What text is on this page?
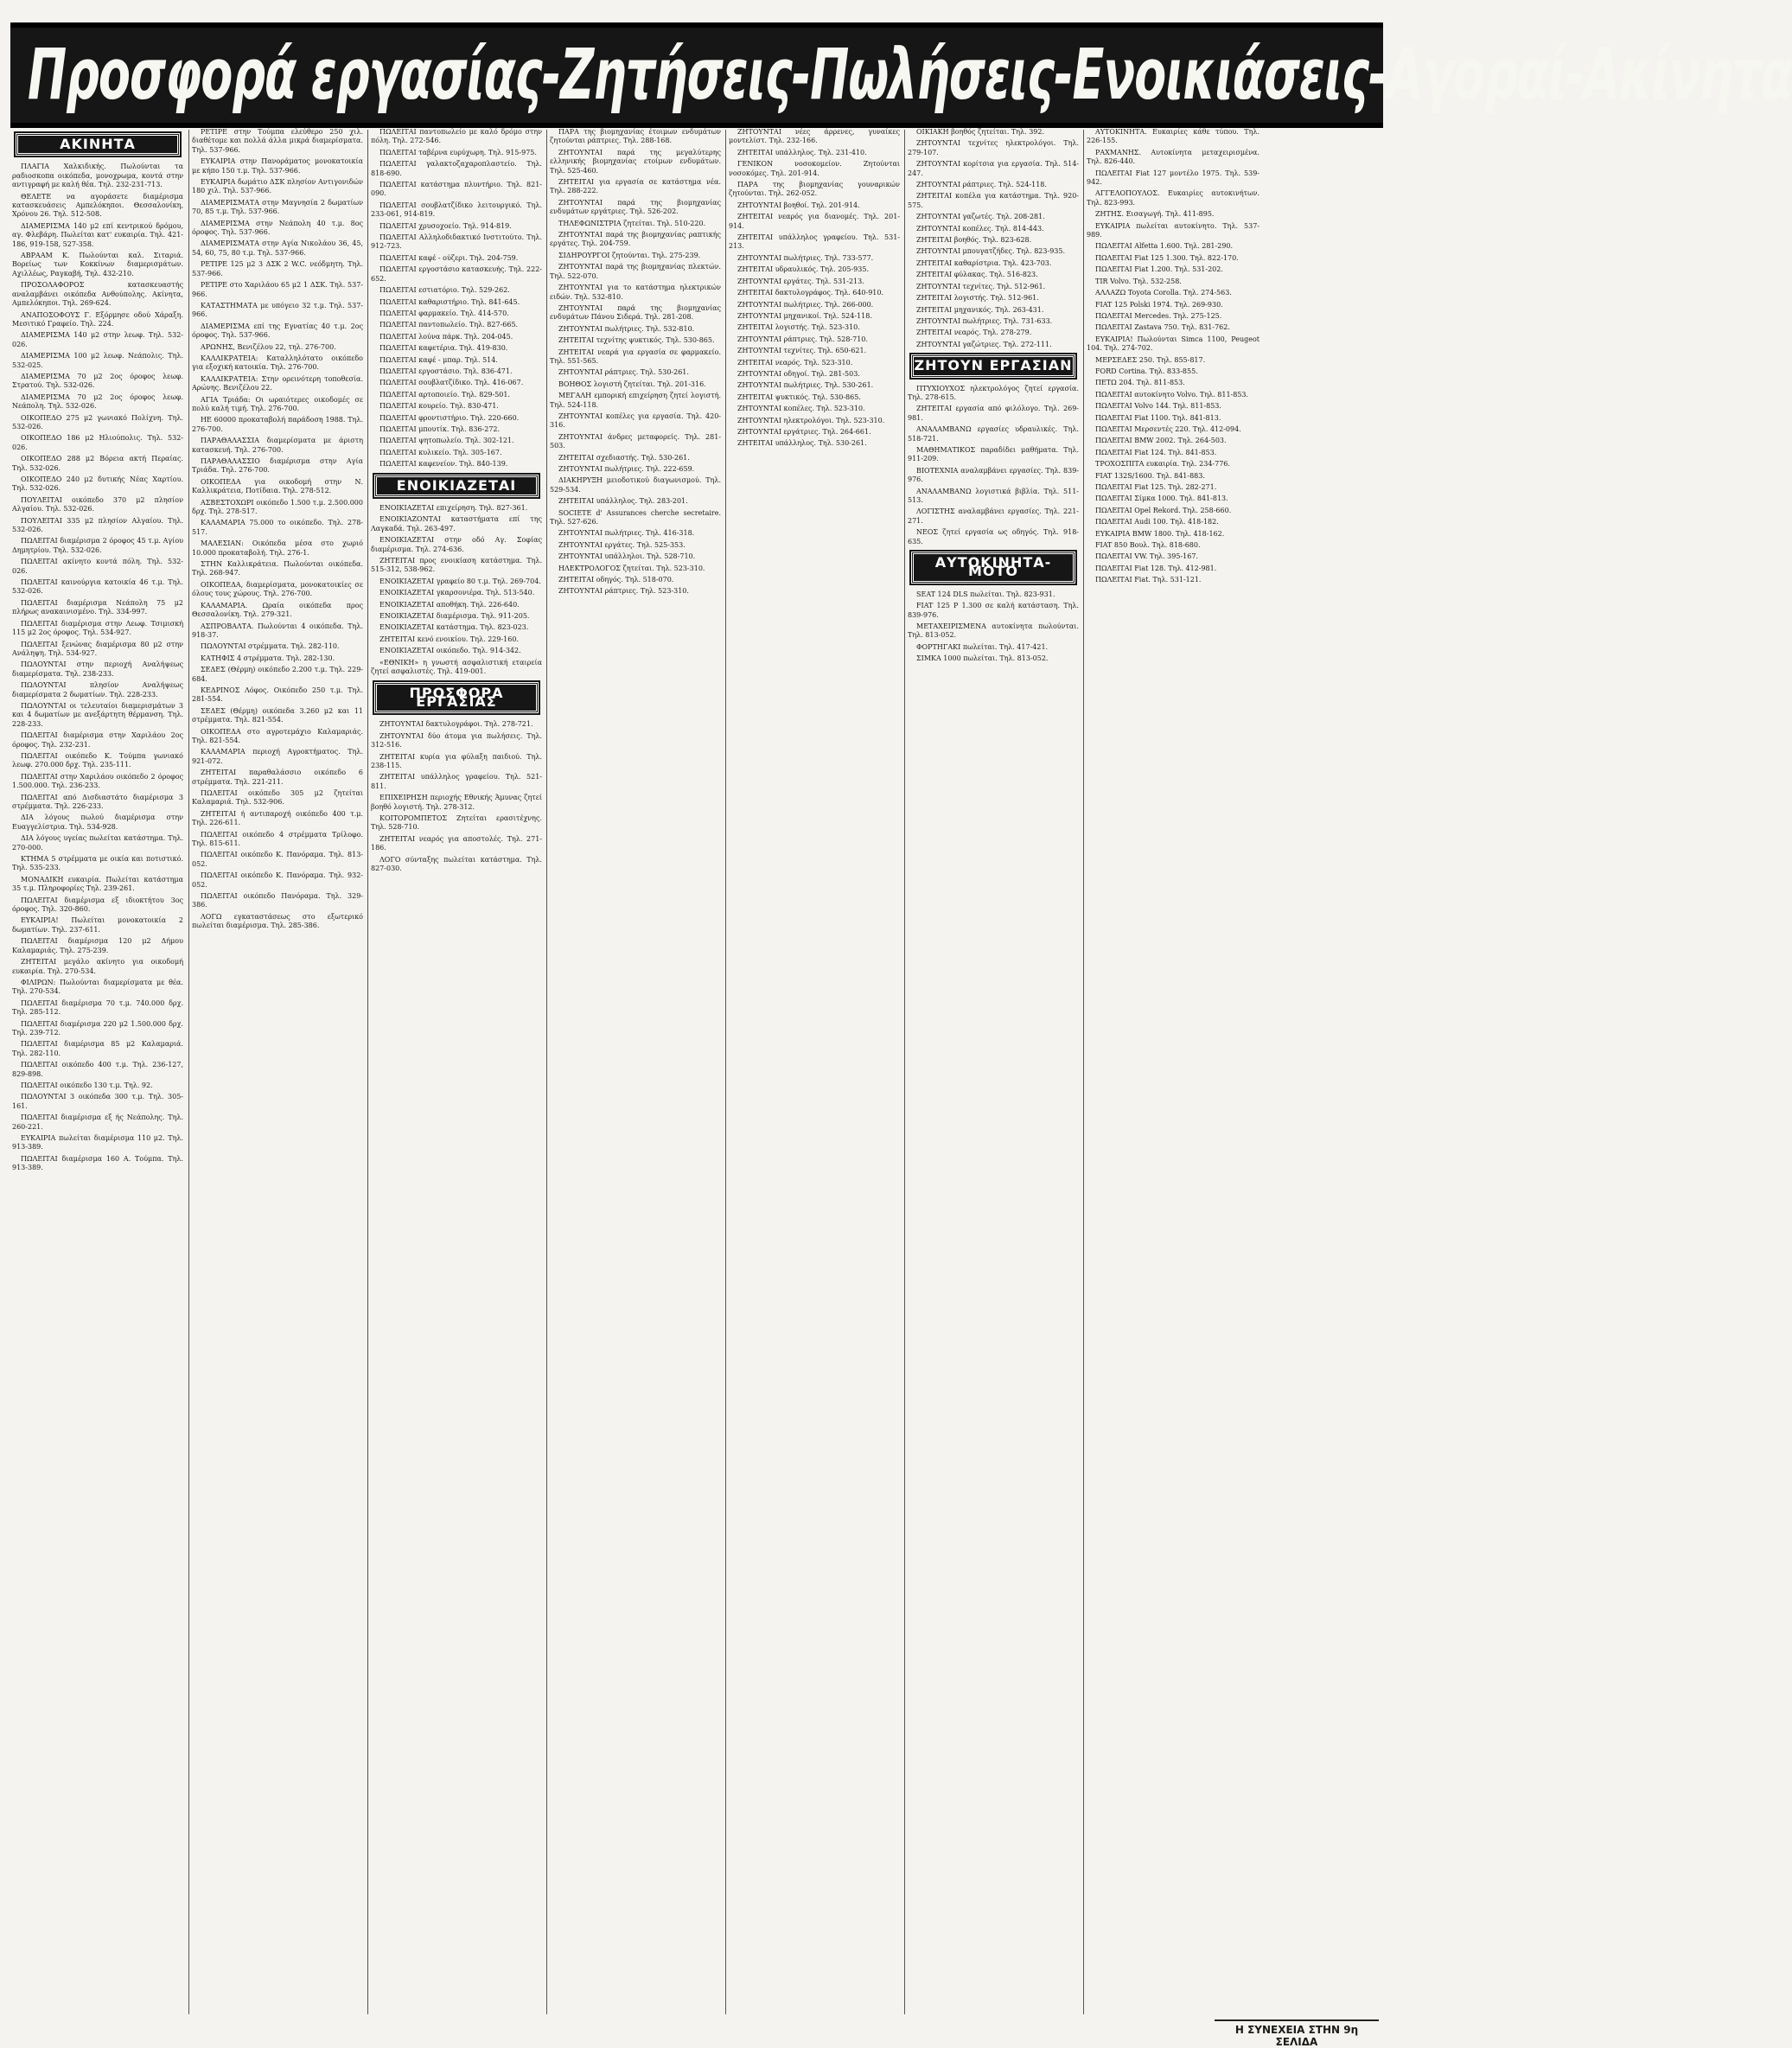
Προσφορά εργασίας-Ζητήσεις-Πωλήσεις-Ενοικιάσεις-Αγοραί-Ακίνητα
ΑΚΙΝΗΤΑ

ΠΛΑΓΙΑ Χαλκιδικής. Πωλούνται τα ραδιοσκοπα οικόπεδα, μονοχρωμα, κοντά στην αντιγραφή με καλή θέα. Τηλ. 232-231-713.

ΘΕΛΕΤΕ να αγοράσετε διαμέρισμα κατασκευάσεις Αμπελόκηποι. Θεσσαλονίκη, Χρόνου 26. Τηλ. 512-508.

ΔΙΑΜΕΡΙΣΜΑ 140 μ2 επί κεντρικού δρόμου, αγ. Φλεβάρη. Πωλείται κατ' ευκαιρία. Τηλ. 421-186, 919-158, 527-358.

ΑΒΡΑΑΜ Κ. Πωλούνται καλ. Σιταριά. Βορείως των Κοκκίνων διαμερισμάτων. Αχιλλέως, Ραγκαβή, Τηλ. 432-210.

ΠΡΟΣΟΛΑΦΟΡΟΣ κατασκευαστής αναλαμβάνει οικόπεδα Ανθούπολης. Ακίνητα, Αμπελόκηποι. Τηλ. 269-624.

ΑΝΑΠΟΣΟΦΟΥΣ Γ. Εξόρμησε οδού Χάραξη. Μεσιτικό Γραφείο. Τηλ. 224.

ΔΙΑΜΕΡΙΣΜΑ 140 μ2 στην λεωφ. Τηλ. 532-026.

ΔΙΑΜΕΡΙΣΜΑ 100 μ2 λεωφ. Νεάπολις. Τηλ. 532-025.

ΔΙΑΜΕΡΙΣΜΑ 70 μ2 2ος όροφος λεωφ. Στρατού. Τηλ. 532-026.

ΔΙΑΜΕΡΙΣΜΑ 70 μ2 2ος όροφος λεωφ. Νεάπολη. Τηλ. 532-026.

ΟΙΚΟΠΕΔΟ 275 μ2 γωνιακό Πολίχνη. Τηλ. 532-026.

ΟΙΚΟΠΕΔΟ 186 μ2 Ηλιούπολις. Τηλ. 532-026.

ΟΙΚΟΠΕΔΟ 288 μ2 Βόρεια ακτή Περαίας. Τηλ. 532-026.

ΟΙΚΟΠΕΔΟ 240 μ2 δυτικής Νέας Χαρτίου. Τηλ. 532-026.

ΠΟΥΛΕΙΤΑΙ οικόπεδο 370 μ2 πλησίον Αλγαίου. Τηλ. 532-026.

ΠΟΥΛΕΙΤΑΙ 335 μ2 πλησίον Αλγαίου. Τηλ. 532-026.

ΠΩΛΕΙΤΑΙ διαμέρισμα 2 όροφος 45 τ.μ. Αγίου Δημητρίου. Τηλ. 532-026.

ΠΩΛΕΙΤΑΙ ακίνητο κοντά πόλη. Τηλ. 532-026.

ΠΩΛΕΙΤΑΙ καινούργια κατοικία 46 τ.μ. Τηλ. 532-026.

ΠΩΛΕΙΤΑΙ διαμέρισμα Νεάπολη 75 μ2 πλήρως ανακαινισμένο. Τηλ. 334-997.

ΠΩΛΕΙΤΑΙ διαμέρισμα στην Λεωφ. Τσιμισκή 115 μ2 2ος όροφος. Τηλ. 534-927.

ΠΩΛΕΙΤΑΙ ξενώνας διαμέρισμα 80 μ2 στην Ανάληψη. Τηλ. 534-927.

ΠΩΛΟΥΝΤΑΙ στην περιοχή Αναλήψεως διαμερίσματα. Τηλ. 238-233.

ΠΩΛΟΥΝΤΑΙ πλησίον Αναλήψεως διαμερίσματα 2 δωματίων. Τηλ. 228-233.

ΠΩΛΟΥΝΤΑΙ οι τελευταίοι διαμερισμάτων 3 και 4 δωματίων με ανεξάρτητη θέρμανση. Τηλ. 228-233.

ΠΩΛΕΙΤΑΙ διαμέρισμα στην Χαριλάου 2ος όροφος. Τηλ. 232-231.

ΠΩΛΕΙΤΑΙ οικόπεδο Κ. Τούμπα γωνιακό λεωφ. 270.000 δρχ. Τηλ. 235-111.

ΠΩΛΕΙΤΑΙ στην Χαριλάου οικόπεδο 2 όροφος 1.500.000. Τηλ. 236-233.

ΠΩΛΕΙΤΑΙ από Δισδιαστάτο διαμέρισμα 3 στρέμματα. Τηλ. 226-233.

ΔΙΑ λόγους πωλού διαμέρισμα στην Ευαγγελίστρια. Τηλ. 534-928.

ΔΙΑ λόγους υγείας πωλείται κατάστημα. Τηλ. 270-000.

ΚΤΗΜΑ 5 στρέμματα με οικία και ποτιστικό. Τηλ. 535-233.

ΜΟΝΑΔΙΚΗ ευκαιρία. Πωλείται κατάστημα 35 τ.μ. Πληροφορίες Τηλ. 239-261.

ΠΩΛΕΙΤΑΙ διαμέρισμα εξ ιδιοκτήτου 3ος όροφος. Τηλ. 320-860.

ΕΥΚΑΙΡΙΑ! Πωλείται μονοκατοικία 2 δωματίων. Τηλ. 237-611.

ΠΩΛΕΙΤΑΙ διαμέρισμα 120 μ2 Δήμου Καλαμαριάς. Τηλ. 275-239.

ΖΗΤΕΙΤΑΙ μεγάλο ακίνητο για οικοδομή ευκαιρία. Τηλ. 270-534.

ΦΙΛΙΡΩΝ: Πωλούνται διαμερίσματα με θέα. Τηλ. 270-534.

ΠΩΛΕΙΤΑΙ διαμέρισμα 70 τ.μ. 740.000 δρχ. Τηλ. 285-112.

ΠΩΛΕΙΤΑΙ διαμέρισμα 220 μ2 1.500.000 δρχ. Τηλ. 239-712.

ΠΩΛΕΙΤΑΙ διαμέρισμα 85 μ2 Καλαμαριά. Τηλ. 282-110.

ΠΩΛΕΙΤΑΙ οικόπεδο 400 τ.μ. Τηλ. 236-127, 829-898.

ΠΩΛΕΙΤΑΙ οικόπεδο 130 τ.μ. Τηλ. 92.

ΠΩΛΟΥΝΤΑΙ 3 οικόπεδα 300 τ.μ. Τηλ. 305-161.

ΠΩΛΕΙΤΑΙ διαμέρισμα εξ ής Νεάπολης. Τηλ. 260-221.

ΕΥΚΑΙΡΙΑ πωλείται διαμέρισμα 110 μ2. Τηλ. 913-389.

ΠΩΛΕΙΤΑΙ διαμέρισμα 160 Α. Τούμπα. Τηλ. 913-389.

ΡΕΤΙΡΕ στην Τούμπα ελεύθερο 250 χιλ. διαθέτομε και πολλά άλλα μικρά διαμερίσματα. Τηλ. 537-966.

ΕΥΚΑΙΡΙΑ στην Πανοράματος μονοκατοικία με κήπο 150 τ.μ. Τηλ. 537-966.

ΕΥΚΑΙΡΙΑ δωμάτιο ΔΣΚ πλησίον Αντιγονιδών 180 χιλ. Τηλ. 537-966.

ΔΙΑΜΕΡΙΣΜΑΤΑ στην Μαγνησία 2 δωματίων 70, 85 τ.μ. Τηλ. 537-966.

ΔΙΑΜΕΡΙΣΜΑ στην Νεάπολη 40 τ.μ. 8ος όροφος. Τηλ. 537-966.

ΔΙΑΜΕΡΙΣΜΑΤΑ στην Αγία Νικολάου 36, 45, 54, 60, 75, 80 τ.μ. Τηλ. 537-966.

ΡΕΤΙΡΕ 125 μ2 3 ΔΣΚ 2 W.C. νεόδμητη. Τηλ. 537-966.

ΡΕΤΙΡΕ στο Χαριλάου 65 μ2 1 ΔΣΚ. Τηλ. 537-966.

ΚΑΤΑΣΤΗΜΑΤΑ με υπόγειο 32 τ.μ. Τηλ. 537-966.

ΔΙΑΜΕΡΙΣΜΑ επί της Εγνατίας 40 τ.μ. 2ος όροφος. Τηλ. 537-966.

ΑΡΩΝΗΣ, Βενιζέλου 22, τηλ. 276-700.

ΚΑΛΛΙΚΡΑΤΕΙΑ: Καταλληλότατο οικόπεδο για εξοχική κατοικία. Τηλ. 276-700.

ΚΑΛΛΙΚΡΑΤΕΙΑ: Στην ορεινότερη τοποθεσία. Αρώνης. Βενιζέλου 22.

ΑΓΙΑ Τριάδα: Οι ωραιότερες οικοδομές σε πολύ καλή τιμή. Τηλ. 276-700.

ΗΕ 60000 προκαταβολή παράδοση 1988. Τηλ. 276-700.

ΠΑΡΑΘΑΛΑΣΣΙΑ διαμερίσματα με άριστη κατασκευή. Τηλ. 276-700.

ΠΑΡΑΘΑΛΑΣΣΙΟ διαμέρισμα στην Αγία Τριάδα. Τηλ. 276-700.

ΟΙΚΟΠΕΔΑ για οικοδομή στην Ν. Καλλικράτεια, Ποτίδαια. Τηλ. 278-512.

ΑΣΒΕΣΤΟΧΩΡΙ οικόπεδο 1.500 τ.μ. 2.500.000 δρχ. Τηλ. 278-517.

ΚΑΛΑΜΑΡΙΑ 75.000 το οικόπεδο. Τηλ. 278-517.

ΜΑΛΕΣΙΑΝ: Οικόπεδα μέσα στο χωριό 10.000 προκαταβολή. Τηλ. 276-1.

ΣΤΗΝ Καλλικράτεια. Πωλούνται οικόπεδα. Τηλ. 268-947.

ΟΙΚΟΠΕΔΑ, διαμερίσματα, μονοκατοικίες σε όλους τους χώρους. Τηλ. 276-700.

ΚΑΛΑΜΑΡΙΑ. Ωραία οικόπεδα προς Θεσσαλονίκη. Τηλ. 279-321.

ΑΣΠΡΟΒΑΛΤΑ. Πωλούνται 4 οικόπεδα. Τηλ. 918-37.

ΠΩΛΟΥΝΤΑΙ στρέμματα. Τηλ. 282-110.

ΚΑΤΗΦΙΣ 4 στρέμματα. Τηλ. 282-130.

ΣΕΔΕΣ (Θέρμη) οικόπεδο 2.200 τ.μ. Τηλ. 229-684.

ΚΕΔΡΙΝΟΣ Λόφος. Οικόπεδο 250 τ.μ. Τηλ. 281-554.

ΣΕΔΕΣ (Θέρμη) οικόπεδα 3.260 μ2 και 11 στρέμματα. Τηλ. 821-554.

ΟΙΚΟΠΕΔΑ στο αγροτεμάχιο Καλαμαριάς. Τηλ. 821-554.

ΚΑΛΑΜΑΡΙΑ περιοχή Αγροκτήματος. Τηλ. 921-072.

ΖΗΤΕΙΤΑΙ παραθαλάσσιο οικόπεδο 6 στρέμματα. Τηλ. 221-211.

ΠΩΛΕΙΤΑΙ οικόπεδο 305 μ2 ζητείται Καλαμαριά. Τηλ. 532-906.

ΖΗΤΕΙΤΑΙ ή αντιπαροχή οικόπεδο 400 τ.μ. Τηλ. 226-611.

ΠΩΛΕΙΤΑΙ οικόπεδο 4 στρέμματα Τρίλοφο. Τηλ. 815-611.

ΠΩΛΕΙΤΑΙ οικόπεδο Κ. Πανόραμα. Τηλ. 813-052.

ΠΩΛΕΙΤΑΙ οικόπεδο Κ. Πανόραμα. Τηλ. 932-052.

ΠΩΛΕΙΤΑΙ οικόπεδο Πανόραμα. Τηλ. 329-386.

ΛΟΓΩ εγκαταστάσεως στο εξωτερικό πωλείται διαμέρισμα. Τηλ. 285-386.

ΠΩΛΕΙΤΑΙ παντοπωλείο με καλό δρόμο στην πόλη. Τηλ. 272-546.

ΠΩΛΕΙΤΑΙ ταβέρνα ευρύχωρη. Τηλ. 915-975.

ΠΩΛΕΙΤΑΙ γαλακτοζαχαροπλαστείο. Τηλ. 818-690.

ΠΩΛΕΙΤΑΙ κατάστημα πλυντήριο. Τηλ. 821-090.

ΠΩΛΕΙΤΑΙ σουβλατζίδικο λειτουργικό. Τηλ. 233-061, 914-819.

ΠΩΛΕΙΤΑΙ χρυσοχοείο. Τηλ. 914-819.

ΠΩΛΕΙΤΑΙ Αλληλοδιδακτικό Ινστιτούτο. Τηλ. 912-723.

ΠΩΛΕΙΤΑΙ καφέ - ούζερι. Τηλ. 204-759.

ΠΩΛΕΙΤΑΙ εργοστάσιο κατασκευής. Τηλ. 222-652.

ΠΩΛΕΙΤΑΙ εστιατόριο. Τηλ. 529-262.

ΠΩΛΕΙΤΑΙ καθαριστήριο. Τηλ. 841-645.

ΠΩΛΕΙΤΑΙ φαρμακείο. Τηλ. 414-570.

ΠΩΛΕΙΤΑΙ παντοπωλείο. Τηλ. 827-665.

ΠΩΛΕΙΤΑΙ λούνα πάρκ. Τηλ. 204-045.

ΠΩΛΕΙΤΑΙ καφετέρια. Τηλ. 419-830.

ΠΩΛΕΙΤΑΙ καφέ - μπαρ. Τηλ. 514.

ΠΩΛΕΙΤΑΙ εργοστάσιο. Τηλ. 836-471.

ΠΩΛΕΙΤΑΙ σουβλατζίδικο. Τηλ. 416-067.

ΠΩΛΕΙΤΑΙ αρτοποιείο. Τηλ. 829-501.

ΠΩΛΕΙΤΑΙ κουρείο. Τηλ. 830-471.

ΠΩΛΕΙΤΑΙ φροντιστήριο. Τηλ. 220-660.

ΠΩΛΕΙΤΑΙ μπουτίκ. Τηλ. 836-272.

ΠΩΛΕΙΤΑΙ ψητοπωλείο. Τηλ. 302-121.

ΠΩΛΕΙΤΑΙ κυλικείο. Τηλ. 305-167.

ΠΩΛΕΙΤΑΙ καφενείον. Τηλ. 840-139.

ΕΝΟΙΚΙΑΖΕΤΑΙ

ΕΝΟΙΚΙΑΖΕΤΑΙ επιχείρηση. Τηλ. 827-361.

ΕΝΟΙΚΙΑΖΟΝΤΑΙ καταστήματα επί της Λαγκαδά. Τηλ. 263-497.

ΕΝΟΙΚΙΑΖΕΤΑΙ στην οδό Αγ. Σοφίας διαμέρισμα. Τηλ. 274-636.

ΖΗΤΕΙΤΑΙ προς ενοικίαση κατάστημα. Τηλ. 515-312, 538-962.

ΕΝΟΙΚΙΑΖΕΤΑΙ γραφείο 80 τ.μ. Τηλ. 269-704.

ΕΝΟΙΚΙΑΖΕΤΑΙ γκαρσονιέρα. Τηλ. 513-540.

ΕΝΟΙΚΙΑΖΕΤΑΙ αποθήκη. Τηλ. 226-640.

ΕΝΟΙΚΙΑΖΕΤΑΙ διαμέρισμα. Τηλ. 911-205.

ΕΝΟΙΚΙΑΖΕΤΑΙ κατάστημα. Τηλ. 823-023.

ΖΗΤΕΙΤΑΙ κενό ενοικίου. Τηλ. 229-160.

ΕΝΟΙΚΙΑΖΕΤΑΙ οικόπεδο. Τηλ. 914-342.

«ΕΘΝΙΚΗ» η γνωστή ασφαλιστική εταιρεία ζητεί ασφαλιστές. Τηλ. 419-001.

ΠΡΟΣΦΟΡΑ ΕΡΓΑΣΙΑΣ

ΖΗΤΟΥΝΤΑΙ δακτυλογράφοι. Τηλ. 278-721.

ΖΗΤΟΥΝΤΑΙ δύο άτομα για πωλήσεις. Τηλ. 312-516.

ΖΗΤΕΙΤΑΙ κυρία για φύλαξη παιδιού. Τηλ. 238-115.

ΖΗΤΕΙΤΑΙ υπάλληλος γραφείου. Τηλ. 521-811.

ΕΠΙΧΕΙΡΗΣΗ περιοχής Εθνικής Άμυνας ζητεί βοηθό λογιστή. Τηλ. 278-312.

ΚΟΙΤΟΡΟΜΠΕΤΟΣ Ζητείται ερασιτέχνης. Τηλ. 528-710.

ΖΗΤΕΙΤΑΙ νεαρός για αποστολές. Τηλ. 271-186.

ΛΟΓΟ σύνταξης πωλείται κατάστημα. Τηλ. 827-030.

ΠΑΡΑ της βιομηχανίας έτοιμων ενδυμάτων ζητούνται ράπτριες. Τηλ. 288-168.

ΖΗΤΟΥΝΤΑΙ παρά της μεγαλύτερης ελληνικής βιομηχανίας ετοίμων ενδυμάτων. Τηλ. 525-460.

ΖΗΤΕΙΤΑΙ για εργασία σε κατάστημα νέα. Τηλ. 288-222.

ΖΗΤΟΥΝΤΑΙ παρά της βιομηχανίας ενδυμάτων εργάτριες. Τηλ. 526-202.

ΤΗΛΕΦΩΝΙΣΤΡΙΑ ζητείται. Τηλ. 510-220.

ΖΗΤΟΥΝΤΑΙ παρά της βιομηχανίας ραπτικής εργάτες. Τηλ. 204-759.

ΣΙΔΗΡΟΥΡΓΟΙ ζητούνται. Τηλ. 275-239.

ΖΗΤΟΥΝΤΑΙ παρά της βιομηχανίας πλεκτών. Τηλ. 522-070.

ΖΗΤΟΥΝΤΑΙ για το κατάστημα ηλεκτρικών ειδών. Τηλ. 532-810.

ΖΗΤΟΥΝΤΑΙ παρά της βιομηχανίας ενδυμάτων Πάνου Σιδερά. Τηλ. 281-208.

ΖΗΤΟΥΝΤΑΙ πωλήτριες. Τηλ. 532-810.

ΖΗΤΕΙΤΑΙ τεχνίτης ψυκτικός. Τηλ. 530-865.

ΖΗΤΕΙΤΑΙ νεαρά για εργασία σε φαρμακείο. Τηλ. 551-565.

ΖΗΤΟΥΝΤΑΙ ράπτριες. Τηλ. 530-261.

ΒΟΗΘΟΣ λογιστή ζητείται. Τηλ. 201-316.

ΜΕΓΑΛΗ εμπορική επιχείρηση ζητεί λογιστή. Τηλ. 524-118.

ΖΗΤΟΥΝΤΑΙ κοπέλες για εργασία. Τηλ. 420-316.

ΖΗΤΟΥΝΤΑΙ άνδρες μεταφορείς. Τηλ. 281-503.

ΖΗΤΕΙΤΑΙ σχεδιαστής. Τηλ. 530-261.

ΖΗΤΟΥΝΤΑΙ πωλήτριες. Τηλ. 222-659.

ΔΙΑΚΗΡΥΞΗ μειοδοτικού διαγωνισμού. Τηλ. 529-534.

ΖΗΤΕΙΤΑΙ υπάλληλος. Τηλ. 283-201.

SOCIETE d' Assurances cherche secretaire. Τηλ. 527-626.

ΖΗΤΟΥΝΤΑΙ πωλήτριες. Τηλ. 416-318.

ΖΗΤΟΥΝΤΑΙ εργάτες. Τηλ. 525-353.

ΖΗΤΟΥΝΤΑΙ υπάλληλοι. Τηλ. 528-710.

ΗΛΕΚΤΡΟΛΟΓΟΣ ζητείται. Τηλ. 523-310.

ΖΗΤΕΙΤΑΙ οδηγός. Τηλ. 518-070.

ΖΗΤΟΥΝΤΑΙ ράπτριες. Τηλ. 523-310.

ΖΗΤΟΥΝΤΑΙ νέες άρρενες, γυναίκες μοντελίστ. Τηλ. 232-166.

ΖΗΤΕΙΤΑΙ υπάλληλος. Τηλ. 231-410.

ΓΕΝΙΚΟΝ νοσοκομείον. Ζητούνται νοσοκόμες. Τηλ. 201-914.

ΠΑΡΑ της βιομηχανίας γουναρικών ζητούνται. Τηλ. 262-052.

ΖΗΤΟΥΝΤΑΙ βοηθοί. Τηλ. 201-914.

ΖΗΤΕΙΤΑΙ νεαρός για διανομές. Τηλ. 201-914.

ΖΗΤΕΙΤΑΙ υπάλληλος γραφείου. Τηλ. 531-213.

ΖΗΤΟΥΝΤΑΙ πωλήτριες. Τηλ. 733-577.

ΖΗΤΕΙΤΑΙ υδραυλικός. Τηλ. 205-935.

ΖΗΤΟΥΝΤΑΙ εργάτες. Τηλ. 531-213.

ΖΗΤΕΙΤΑΙ δακτυλογράφος. Τηλ. 640-910.

ΖΗΤΟΥΝΤΑΙ πωλήτριες. Τηλ. 266-000.

ΖΗΤΟΥΝΤΑΙ μηχανικοί. Τηλ. 524-118.

ΖΗΤΕΙΤΑΙ λογιστής. Τηλ. 523-310.

ΖΗΤΟΥΝΤΑΙ ράπτριες. Τηλ. 528-710.

ΖΗΤΟΥΝΤΑΙ τεχνίτες. Τηλ. 650-621.

ΖΗΤΕΙΤΑΙ νεαρός. Τηλ. 523-310.

ΖΗΤΟΥΝΤΑΙ οδηγοί. Τηλ. 281-503.

ΖΗΤΟΥΝΤΑΙ πωλήτριες. Τηλ. 530-261.

ΖΗΤΕΙΤΑΙ ψυκτικός. Τηλ. 530-865.

ΖΗΤΟΥΝΤΑΙ κοπέλες. Τηλ. 523-310.

ΖΗΤΟΥΝΤΑΙ ηλεκτρολόγοι. Τηλ. 523-310.

ΖΗΤΟΥΝΤΑΙ εργάτριες. Τηλ. 264-661.

ΖΗΤΕΙΤΑΙ υπάλληλος. Τηλ. 530-261.

ΟΙΚΙΑΚΗ βοηθός ζητείται. Τηλ. 392.

ΖΗΤΟΥΝΤΑΙ τεχνίτες ηλεκτρολόγοι. Τηλ. 279-107.

ΖΗΤΟΥΝΤΑΙ κορίτσια για εργασία. Τηλ. 514-247.

ΖΗΤΟΥΝΤΑΙ ράπτριες. Τηλ. 524-118.

ΖΗΤΕΙΤΑΙ κοπέλα για κατάστημα. Τηλ. 920-575.

ΖΗΤΟΥΝΤΑΙ γαζωτές. Τηλ. 208-281.

ΖΗΤΟΥΝΤΑΙ κοπέλες. Τηλ. 814-443.

ΖΗΤΕΙΤΑΙ βοηθός. Τηλ. 823-628.

ΖΗΤΟΥΝΤΑΙ μπουγατζήδες. Τηλ. 823-935.

ΖΗΤΕΙΤΑΙ καθαρίστρια. Τηλ. 423-703.

ΖΗΤΕΙΤΑΙ φύλακας. Τηλ. 516-823.

ΖΗΤΟΥΝΤΑΙ τεχνίτες. Τηλ. 512-961.

ΖΗΤΕΙΤΑΙ λογιστής. Τηλ. 512-961.

ΖΗΤΕΙΤΑΙ μηχανικός. Τηλ. 263-431.

ΖΗΤΟΥΝΤΑΙ πωλήτριες. Τηλ. 731-633.

ΖΗΤΕΙΤΑΙ νεαρός. Τηλ. 278-279.

ΖΗΤΟΥΝΤΑΙ γαζώτριες. Τηλ. 272-111.

ΖΗΤΟΥΝ ΕΡΓΑΣΙΑΝ

ΠΤΥΧΙΟΥΧΟΣ ηλεκτρολόγος ζητεί εργασία. Τηλ. 278-615.

ΖΗΤΕΙΤΑΙ εργασία από φιλόλογο. Τηλ. 269-981.

ΑΝΑΛΑΜΒΑΝΩ εργασίες υδραυλικές. Τηλ. 518-721.

ΜΑΘΗΜΑΤΙΚΟΣ παραδίδει μαθήματα. Τηλ. 911-209.

ΒΙΟΤΕΧΝΙΑ αναλαμβάνει εργασίες. Τηλ. 839-976.

ΑΝΑΛΑΜΒΑΝΩ λογιστικά βιβλία. Τηλ. 511-513.

ΛΟΓΙΣΤΗΣ αναλαμβάνει εργασίες. Τηλ. 221-271.

ΝΕΟΣ ζητεί εργασία ως οδηγός. Τηλ. 918-635.

ΑΥΤΟΚΙΝΗΤΑ-ΜΟΤΟ

SEAT 124 DLS πωλείται. Τηλ. 823-931.

FIAT 125 P 1.300 σε καλή κατάσταση. Τηλ. 839-976.

ΜΕΤΑΧΕΙΡΙΣΜΕΝΑ αυτοκίνητα πωλούνται. Τηλ. 813-052.

ΦΟΡΤΗΓΑΚΙ πωλείται. Τηλ. 417-421.

ΣΙΜΚΑ 1000 πωλείται. Τηλ. 813-052.

ΑΥΤΟΚΙΝΗΤΑ. Ευκαιρίες κάθε τύπου. Τηλ. 226-155.

ΡΑΧΜΑΝΗΣ. Αυτοκίνητα μεταχειρισμένα. Τηλ. 826-440.

ΠΩΛΕΙΤΑΙ Fiat 127 μοντέλο 1975. Τηλ. 539-942.

ΑΓΓΕΛΟΠΟΥΛΟΣ. Ευκαιρίες αυτοκινήτων. Τηλ. 823-993.

ΖΗΤΗΣ. Εισαγωγή. Τηλ. 411-895.

ΕΥΚΑΙΡΙΑ πωλείται αυτοκίνητο. Τηλ. 537-989.

ΠΩΛΕΙΤΑΙ Alfetta 1.600. Τηλ. 281-290.

ΠΩΛΕΙΤΑΙ Fiat 125 1.300. Τηλ. 822-170.

ΠΩΛΕΙΤΑΙ Fiat 1.200. Τηλ. 531-202.

TIR Volvo. Τηλ. 532-258.

ΑΛΛΑΖΩ Toyota Corolla. Τηλ. 274-563.

FIAT 125 Polski 1974. Τηλ. 269-930.

ΠΩΛΕΙΤΑΙ Mercedes. Τηλ. 275-125.

ΠΩΛΕΙΤΑΙ Zastava 750. Τηλ. 831-762.

ΕΥΚΑΙΡΙΑ! Πωλούνται Simca 1100, Peugeot 104. Τηλ. 274-702.

ΜΕΡΣΕΔΕΣ 250. Τηλ. 855-817.

FORD Cortina. Τηλ. 833-855.

ΠΕΤΩ 204. Τηλ. 811-853.

ΠΩΛΕΙΤΑΙ αυτοκίνητο Volvo. Τηλ. 811-853.

ΠΩΛΕΙΤΑΙ Volvo 144. Τηλ. 811-853.

ΠΩΛΕΙΤΑΙ Fiat 1100. Τηλ. 841-813.

ΠΩΛΕΙΤΑΙ Μερσεντές 220. Τηλ. 412-094.

ΠΩΛΕΙΤΑΙ BMW 2002. Τηλ. 264-503.

ΠΩΛΕΙΤΑΙ Fiat 124. Τηλ. 841-853.

ΤΡΟΧΟΣΠΙΤΑ ευκαιρία. Τηλ. 234-776.

FIAT 132S/1600. Τηλ. 841-883.

ΠΩΛΕΙΤΑΙ Fiat 125. Τηλ. 282-271.

ΠΩΛΕΙΤΑΙ Σίμκα 1000. Τηλ. 841-813.

ΠΩΛΕΙΤΑΙ Opel Rekord. Τηλ. 258-660.

ΠΩΛΕΙΤΑΙ Audi 100. Τηλ. 418-182.

ΕΥΚΑΙΡΙΑ BMW 1800. Τηλ. 418-162.

FIAT 850 Βουλ. Τηλ. 818-680.

ΠΩΛΕΙΤΑΙ VW. Τηλ. 395-167.

ΠΩΛΕΙΤΑΙ Fiat 128. Τηλ. 412-981.

ΠΩΛΕΙΤΑΙ Fiat. Τηλ. 531-121.

Η ΣΥΝΕΧΕΙΑ ΣΤΗΝ 9η ΣΕΛΙΔΑ
